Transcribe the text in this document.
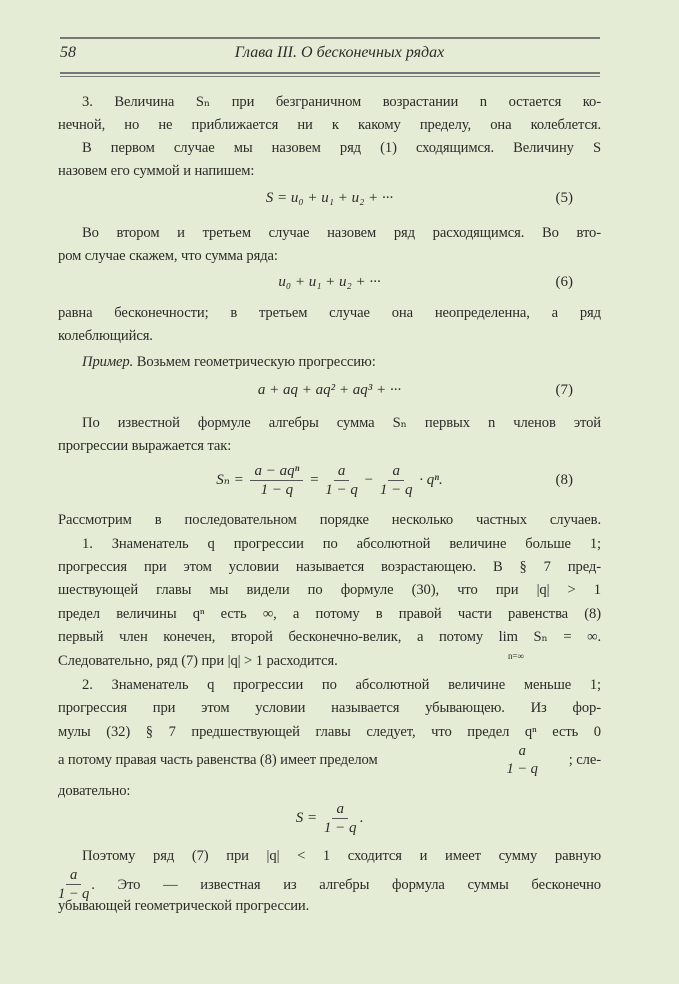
58	Глава III. О бесконечных рядах
3. Величина Sₙ при безграничном возрастании n остается ко-
нечной, но не приближается ни к какому пределу, она колеблется.
В первом случае мы назовем ряд (1) сходящимся. Величину S
назовем его суммой и напишем:
S = u₀ + u₁ + u₂ + ···	(5)
Во втором и третьем случае назовем ряд расходящимся. Во вто-
ром случае скажем, что сумма ряда:
u₀ + u₁ + u₂ + ···	(6)
равна бесконечности; в третьем случае она неопределенна, а ряд
колеблющийся.
Пример. Возьмем геометрическую прогрессию:
a + aq + aq² + aq³ + ···	(7)
По известной формуле алгебры сумма Sₙ первых n членов этой
прогрессии выражается так:
$S_n = \frac{\text{a − aqⁿ}}{1 - q} = \frac{a}{1 - q} - \frac{a}{1 - q} \cdot q^n$.	(8)
Рассмотрим в последовательном порядке несколько частных случаев.
1. Знаменатель q прогрессии по абсолютной величине больше 1;
прогрессия при этом условии называется возрастающею. В § 7 пред-
шествующей главы мы видели по формуле (30), что при |q| > 1
предел величины qⁿ есть ∞, а потому в правой части равенства (8)
первый член конечен, второй бесконечно-велик, а потому lim Sₙ = ∞.
n=∞
Следовательно, ряд (7) при |q| > 1 расходится.
2. Знаменатель q прогрессии по абсолютной величине меньше 1;
прогрессия при этом условии называется убывающею. Из фор-
мулы (32) § 7 предшествующей главы следует, что предел qⁿ есть 0
а потому правая часть равенства (8) имеет пределом
a
1 − q
; сле-
довательно:
$S = \frac{a}{1 - q}$ .
Поэтому ряд (7) при |q| < 1 сходится и имеет сумму равную
$\frac{a}{1 - q}$ . Это — известная из алгебры формула суммы бесконечно
убывающей геометрической прогрессии.
